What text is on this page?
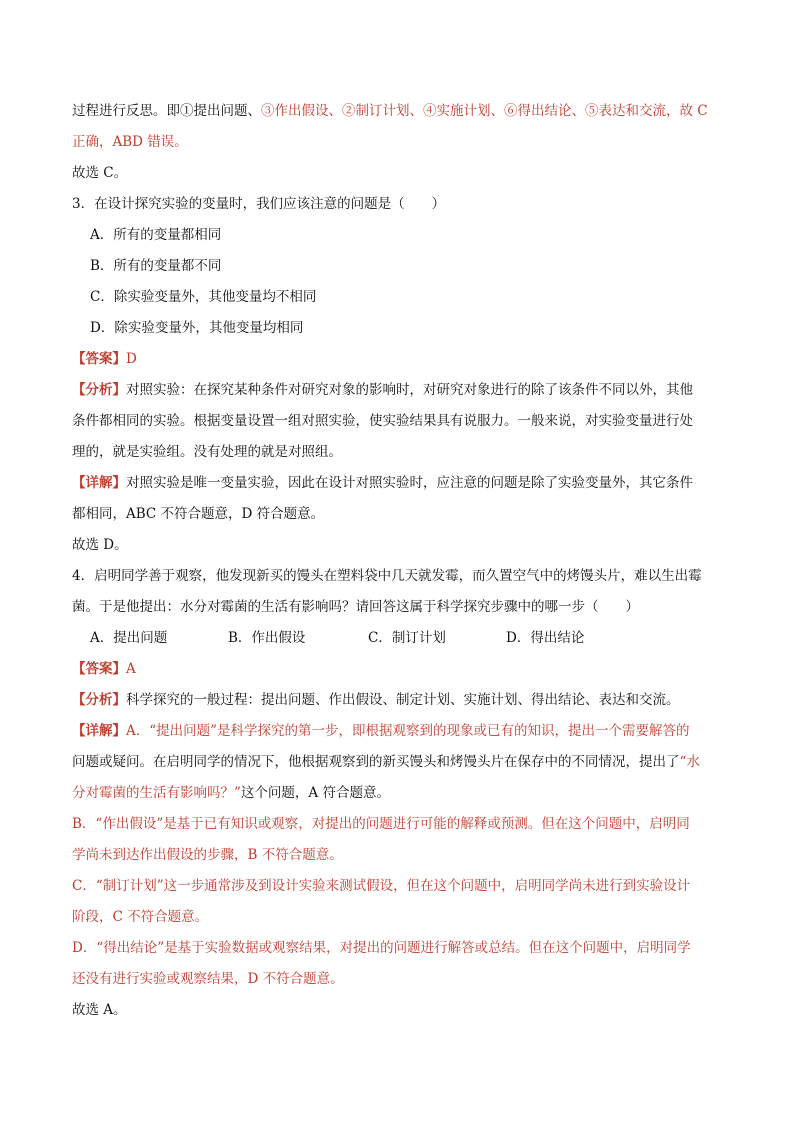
过程进行反思。即①提出问题、③作出假设、②制订计划、④实施计划、⑥得出结论、⑤表达和交流，故 C
正确，ABD 错误。
故选 C。
3．在设计探究实验的变量时，我们应该注意的问题是（　　）
A．所有的变量都相同
B．所有的变量都不同
C．除实验变量外，其他变量均不相同
D．除实验变量外，其他变量均相同
【答案】D
【分析】对照实验：在探究某种条件对研究对象的影响时，对研究对象进行的除了该条件不同以外，其他
条件都相同的实验。根据变量设置一组对照实验，使实验结果具有说服力。一般来说，对实验变量进行处
理的，就是实验组。没有处理的就是对照组。
【详解】对照实验是唯一变量实验，因此在设计对照实验时，应注意的问题是除了实验变量外，其它条件
都相同，ABC 不符合题意，D 符合题意。
故选 D。
4．启明同学善于观察，他发现新买的馒头在塑料袋中几天就发霉，而久置空气中的烤馒头片，难以生出霉
菌。于是他提出：水分对霉菌的生活有影响吗？请回答这属于科学探究步骤中的哪一步（　　）
A．提出问题	B．作出假设	C．制订计划	D．得出结论
【答案】A
【分析】科学探究的一般过程：提出问题、作出假设、制定计划、实施计划、得出结论、表达和交流。
【详解】A．“提出问题”是科学探究的第一步，即根据观察到的现象或已有的知识，提出一个需要解答的
问题或疑问。在启明同学的情况下，他根据观察到的新买馒头和烤馒头片在保存中的不同情况，提出了“水
分对霉菌的生活有影响吗？”这个问题，A 符合题意。
B．“作出假设”是基于已有知识或观察，对提出的问题进行可能的解释或预测。但在这个问题中，启明同
学尚未到达作出假设的步骤，B 不符合题意。
C．“制订计划”这一步通常涉及到设计实验来测试假设，但在这个问题中，启明同学尚未进行到实验设计
阶段，C 不符合题意。
D．“得出结论”是基于实验数据或观察结果，对提出的问题进行解答或总结。但在这个问题中，启明同学
还没有进行实验或观察结果，D 不符合题意。
故选 A。
